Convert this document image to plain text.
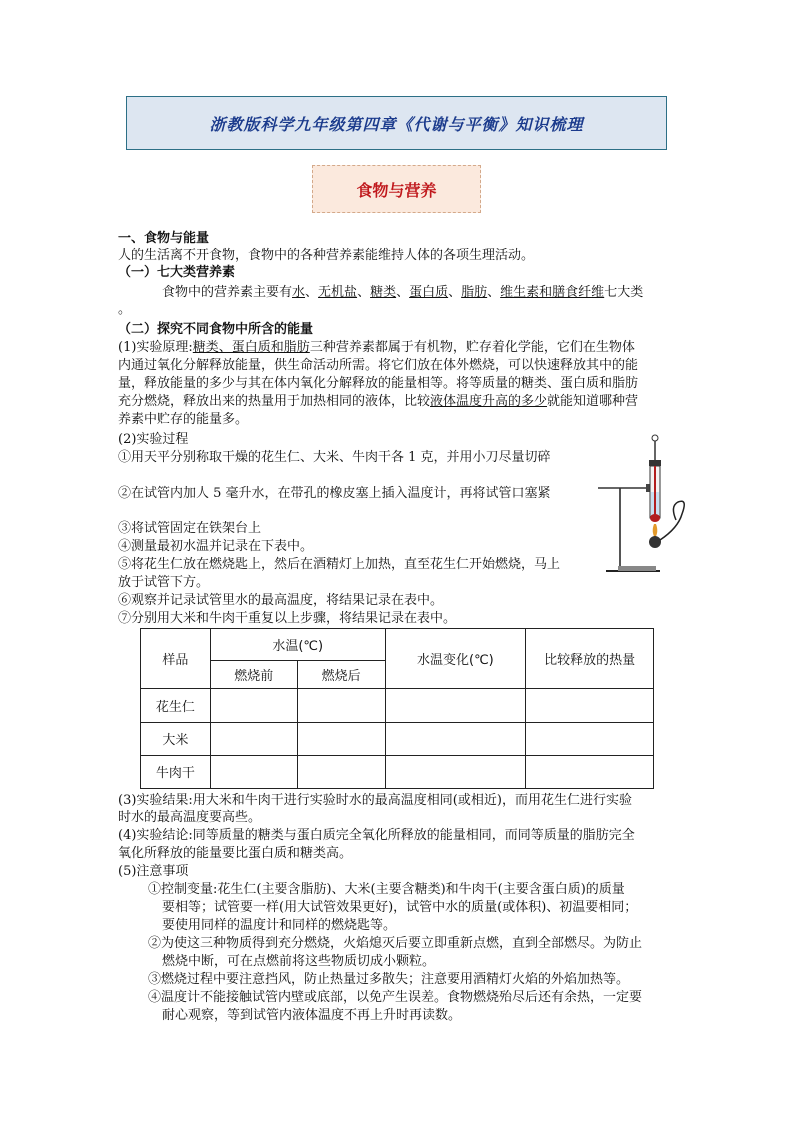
浙教版科学九年级第四章《代谢与平衡》知识梳理
食物与营养
一、食物与能量
人的生活离不开食物，食物中的各种营养素能维持人体的各项生理活动。
（一）七大类营养素
食物中的营养素主要有水、无机盐、糖类、蛋白质、脂肪、维生素和膳食纤维七大类
。
（二）探究不同食物中所含的能量
(1)实验原理:糖类、蛋白质和脂肪三种营养素都属于有机物，贮存着化学能，它们在生物体
内通过氧化分解释放能量，供生命活动所需。将它们放在体外燃烧，可以快速释放其中的能
量，释放能量的多少与其在体内氧化分解释放的能量相等。将等质量的糖类、蛋白质和脂肪
充分燃烧，释放出来的热量用于加热相同的液体，比较液体温度升高的多少就能知道哪种营
养素中贮存的能量多。
(2)实验过程
①用天平分别称取干燥的花生仁、大米、牛肉干各 1 克，并用小刀尽量切碎
②在试管内加人 5 毫升水，在带孔的橡皮塞上插入温度计，再将试管口塞紧
③将试管固定在铁架台上
④测量最初水温并记录在下表中。
⑤将花生仁放在燃烧匙上，然后在酒精灯上加热，直至花生仁开始燃烧，马上
放于试管下方。
⑥观察并记录试管里水的最高温度，将结果记录在表中。
⑦分别用大米和牛肉干重复以上步骤，将结果记录在表中。
样品	水温(℃)		水温变化(℃)	比较释放的热量
	燃烧前	燃烧后		
花生仁				
大米				
牛肉干				
(3)实验结果:用大米和牛肉干进行实验时水的最高温度相同(或相近)，而用花生仁进行实验
时水的最高温度要高些。
(4)实验结论:同等质量的糖类与蛋白质完全氧化所释放的能量相同，而同等质量的脂肪完全
氧化所释放的能量要比蛋白质和糖类高。
(5)注意事项
①控制变量:花生仁(主要含脂肪)、大米(主要含糖类)和牛肉干(主要含蛋白质)的质量
要相等；试管要一样(用大试管效果更好)，试管中水的质量(或体积)、初温要相同；
要使用同样的温度计和同样的燃烧匙等。
②为使这三种物质得到充分燃烧，火焰熄灭后要立即重新点燃，直到全部燃尽。为防止
燃烧中断，可在点燃前将这些物质切成小颗粒。
③燃烧过程中要注意挡风，防止热量过多散失；注意要用酒精灯火焰的外焰加热等。
④温度计不能接触试管内壁或底部，以免产生误差。食物燃烧殆尽后还有余热，一定要
耐心观察，等到试管内液体温度不再上升时再读数。
